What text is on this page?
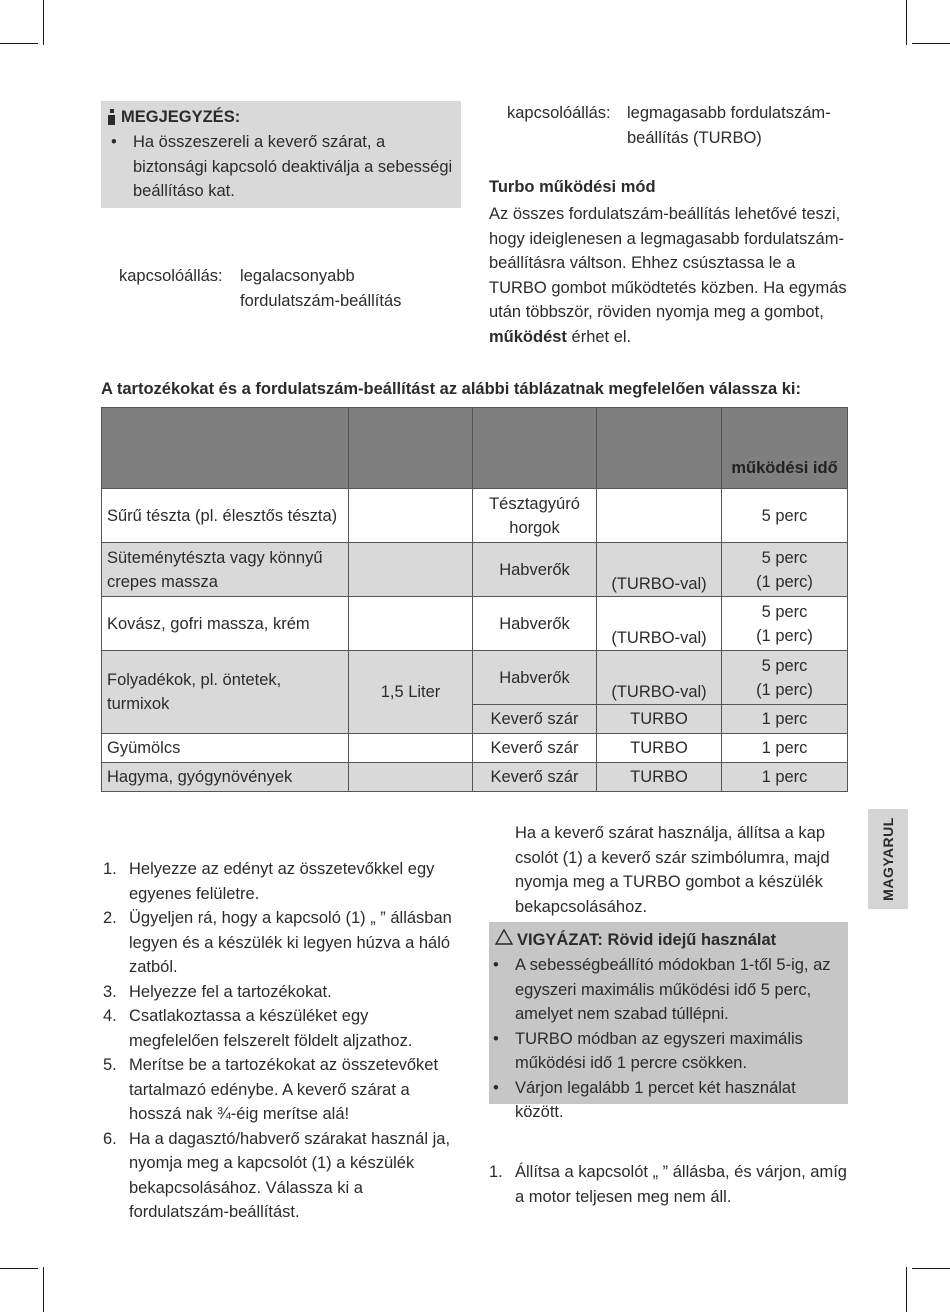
MEGJEGYZÉS:
• Ha összeszereli a keverő szárat, a biztonsági kapcsoló deaktiválja a sebességi beállításo kat.
kapcsolóállás:	legalacsonyabb fordulatszám-beállítás
kapcsolóállás: legmagasabb fordulatszám-beállítás (TURBO)
Turbo működési mód
Az összes fordulatszám-beállítás lehetővé teszi, hogy ideiglenesen a legmagasabb fordulatszám-beállításra váltson. Ehhez csúsztassa le a TURBO gombot működtetés közben. Ha egymás után többször, röviden nyomja meg a gombot, működést érhet el.
A tartozékokat és a fordulatszám-beállítást az alábbi táblázatnak megfelelően válassza ki:
				működési idő
Sűrű tészta (pl. élesztős tészta)		Tésztagyúró horgok		5 perc
Süteménytészta vagy könnyű crepes massza		Habverők	(TURBO-val)	5 perc
(1 perc)
Kovász, gofri massza, krém		Habverők	(TURBO-val)	5 perc
(1 perc)
Folyadékok, pl. öntetek, turmixok	1,5 Liter	Habverők	(TURBO-val)	5 perc
(1 perc)
		Keverő szár	TURBO	1 perc
Gyümölcs		Keverő szár	TURBO	1 perc
Hagyma, gyógynövények		Keverő szár	TURBO	1 perc
1. Helyezze az edényt az összetevőkkel egy egyenes felületre.
2. Ügyeljen rá, hogy a kapcsoló (1) „ ” állásban legyen és a készülék ki legyen húzva a háló zatból.
3. Helyezze fel a tartozékokat.
4. Csatlakoztassa a készüléket egy megfelelően felszerelt földelt aljzathoz.
5. Merítse be a tartozékokat az összetevőket tartalmazó edénybe. A keverő szárat a hosszá nak ¾-éig merítse alá!
6. Ha a dagasztó/habverő szárakat használ ja, nyomja meg a kapcsolót (1) a készülék bekapcsolásához. Válassza ki a fordulatszám-beállítást.
Ha a keverő szárat használja, állítsa a kap csolót (1) a keverő szár szimbólumra, majd nyomja meg a TURBO gombot a készülék bekapcsolásához.
VIGYÁZAT: Rövid idejű használat
• A sebességbeállító módokban 1-től 5-ig, az egyszeri maximális működési idő 5 perc, amelyet nem szabad túllépni.
• TURBO módban az egyszeri maximális működési idő 1 percre csökken.
• Várjon legalább 1 percet két használat között.
1. Állítsa a kapcsolót „ ” állásba, és várjon, amíg a motor teljesen meg nem áll.
MAGYARUL
